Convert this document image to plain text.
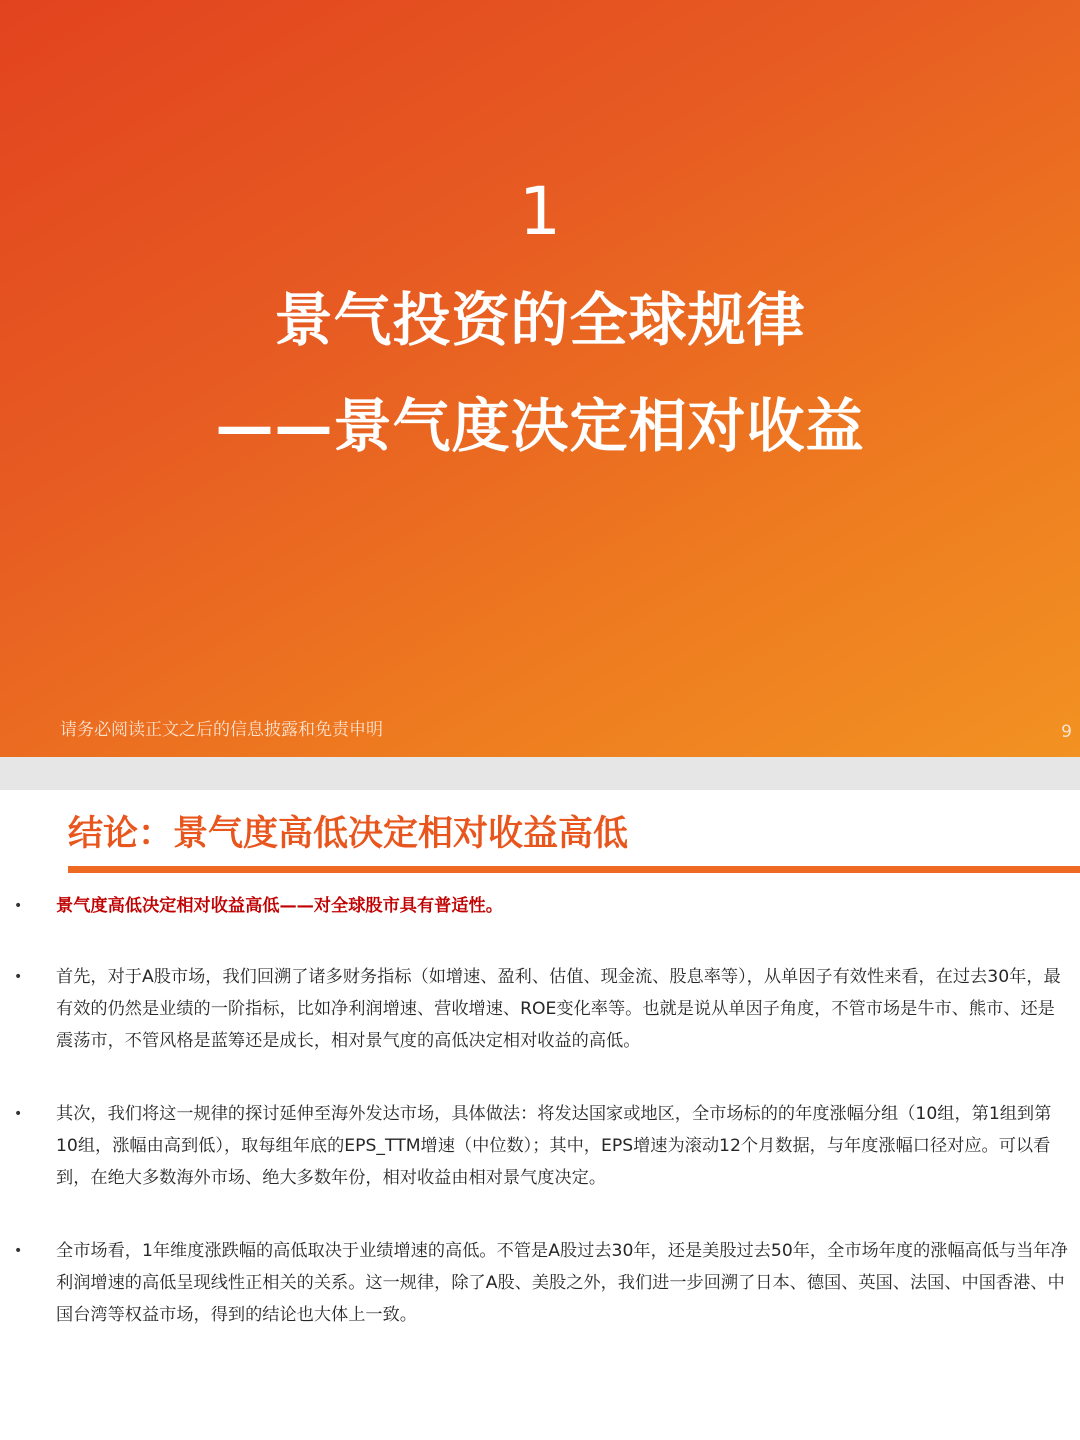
1
景气投资的全球规律
——景气度决定相对收益
请务必阅读正文之后的信息披露和免责申明	9
结论：景气度高低决定相对收益高低
• 景气度高低决定相对收益高低——对全球股市具有普适性。
• 首先，对于A股市场，我们回溯了诸多财务指标（如增速、盈利、估值、现金流、股息率等），从单因子有效性来看，在过去30年，最有效的仍然是业绩的一阶指标，比如净利润增速、营收增速、ROE变化率等。也就是说从单因子角度，不管市场是牛市、熊市、还是震荡市，不管风格是蓝筹还是成长，相对景气度的高低决定相对收益的高低。
• 其次，我们将这一规律的探讨延伸至海外发达市场，具体做法：将发达国家或地区，全市场标的的年度涨幅分组（10组，第1组到第10组，涨幅由高到低），取每组年底的EPS_TTM增速（中位数）；其中，EPS增速为滚动12个月数据，与年度涨幅口径对应。可以看到，在绝大多数海外市场、绝大多数年份，相对收益由相对景气度决定。
• 全市场看，1年维度涨跌幅的高低取决于业绩增速的高低。不管是A股过去30年，还是美股过去50年，全市场年度的涨幅高低与当年净利润增速的高低呈现线性正相关的关系。这一规律，除了A股、美股之外，我们进一步回溯了日本、德国、英国、法国、中国香港、中国台湾等权益市场，得到的结论也大体上一致。
